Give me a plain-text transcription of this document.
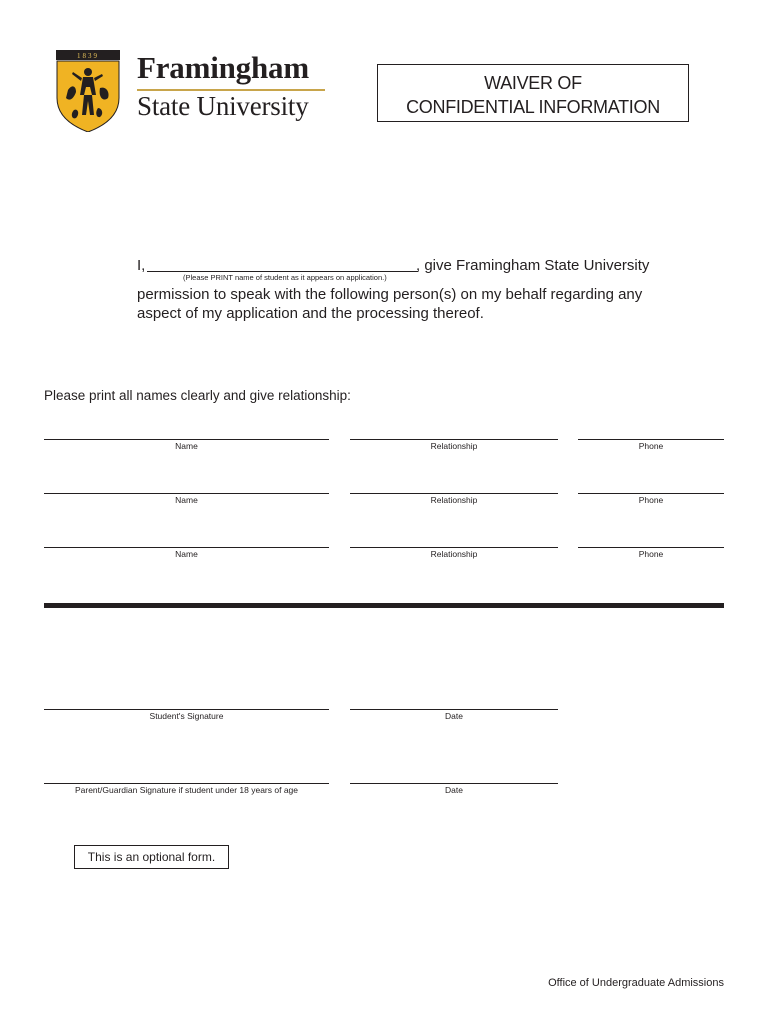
1839 Framingham
State University
WAIVER OF
CONFIDENTIAL INFORMATION
I,	, give Framingham State University
(Please PRINT name of student as it appears on application.)
permission to speak with the following person(s) on my behalf regarding any
aspect of my application and the processing thereof.
Please print all names clearly and give relationship:
Name	Relationship	Phone
Name	Relationship	Phone
Name	Relationship	Phone
Student's Signature	Date
Parent/Guardian Signature if student under 18 years of age	Date
This is an optional form.
Office of Undergraduate Admissions
